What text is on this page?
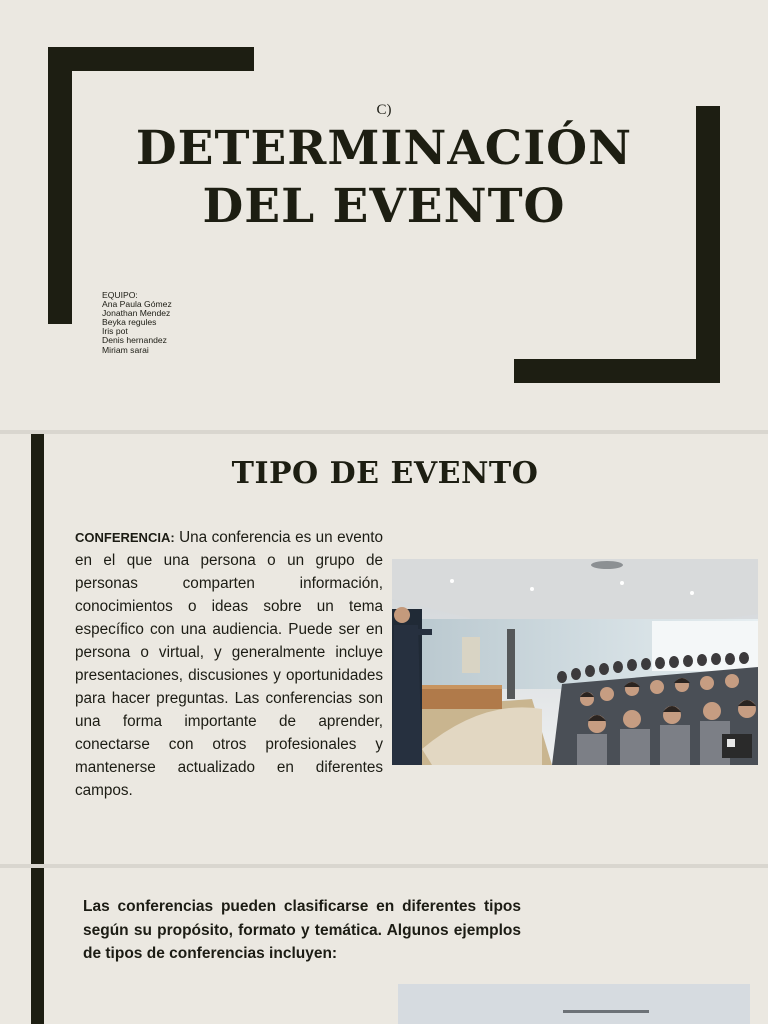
C)
DETERMINACIÓN
DEL EVENTO
EQUIPO:
Ana Paula Gómez
Jonathan Mendez
Beyka regules
Iris pot
Denis hernandez
Miriam sarai
TIPO DE EVENTO
CONFERENCIA: Una conferencia es un evento en el que una persona o un grupo de personas comparten información, conocimientos o ideas sobre un tema específico con una audiencia. Puede ser en persona o virtual, y generalmente incluye presentaciones, discusiones y oportunidades para hacer preguntas. Las conferencias son una forma importante de aprender, conectarse con otros profesionales y mantenerse actualizado en diferentes campos.
Las conferencias pueden clasificarse en diferentes tipos según su propósito, formato y temática. Algunos ejemplos de tipos de conferencias incluyen:
